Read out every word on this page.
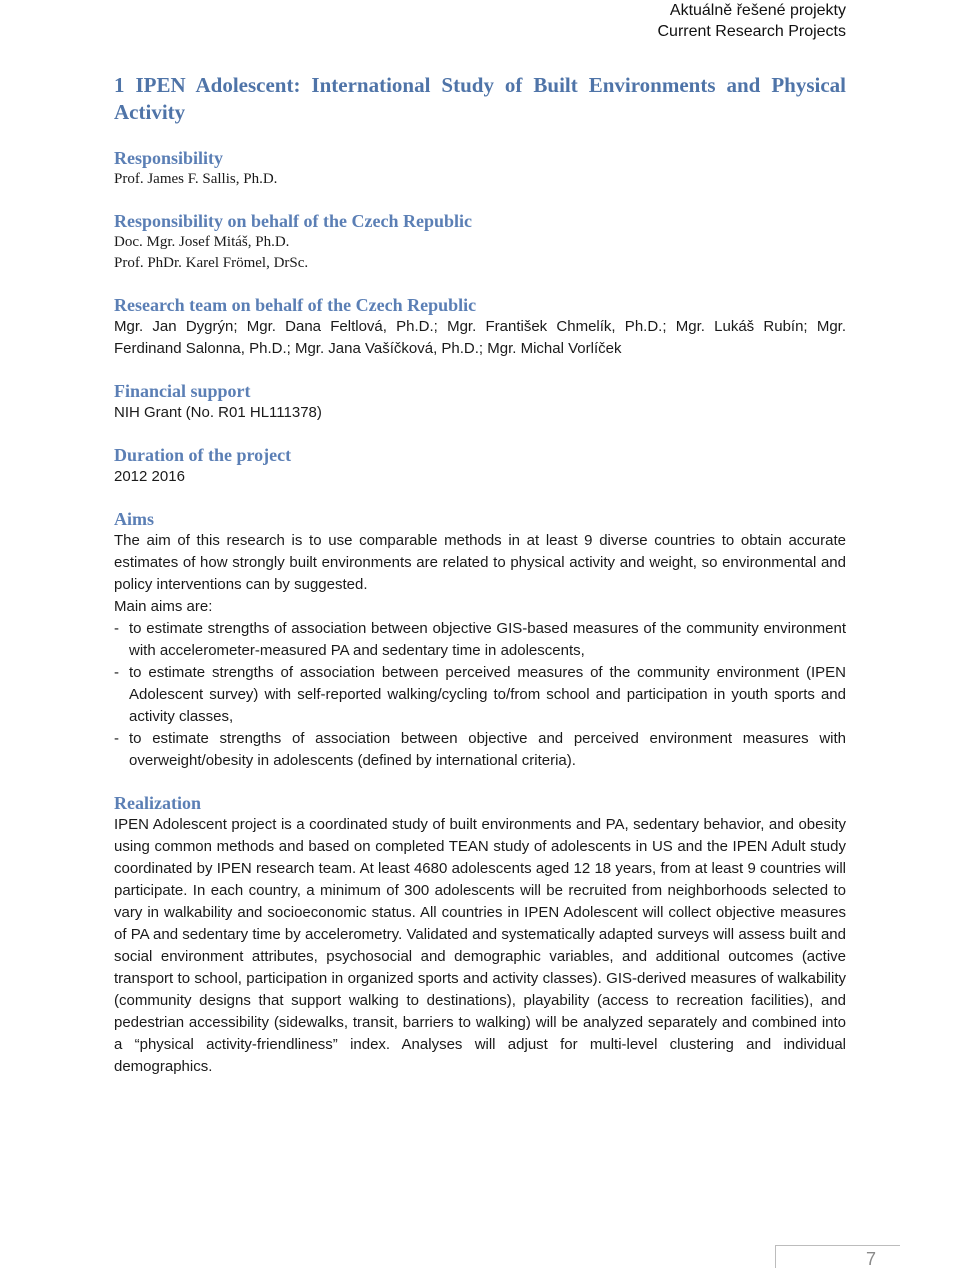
Aktuálně řešené projekty
Current Research Projects
1 IPEN Adolescent: International Study of Built Environments and Physical Activity
Responsibility
Prof. James F. Sallis, Ph.D.
Responsibility on behalf of the Czech Republic
Doc. Mgr. Josef Mitáš, Ph.D.
Prof. PhDr. Karel Frömel, DrSc.
Research team on behalf of the Czech Republic
Mgr. Jan Dygrýn; Mgr. Dana Feltlová, Ph.D.; Mgr. František Chmelík, Ph.D.; Mgr. Lukáš Rubín; Mgr. Ferdinand Salonna, Ph.D.; Mgr. Jana Vašíčková, Ph.D.; Mgr. Michal Vorlíček
Financial support
NIH Grant (No. R01 HL111378)
Duration of the project
2012 2016
Aims
The aim of this research is to use comparable methods in at least 9 diverse countries to obtain accurate estimates of how strongly built environments are related to physical activity and weight, so environmental and policy interventions can by suggested.
Main aims are:
- to estimate strengths of association between objective GIS-based measures of the community environment with accelerometer-measured PA and sedentary time in adolescents,
- to estimate strengths of association between perceived measures of the community environment (IPEN Adolescent survey) with self-reported walking/cycling to/from school and participation in youth sports and activity classes,
- to estimate strengths of association between objective and perceived environment measures with overweight/obesity in adolescents (defined by international criteria).
Realization
IPEN Adolescent project is a coordinated study of built environments and PA, sedentary behavior, and obesity using common methods and based on completed TEAN study of adolescents in US and the IPEN Adult study coordinated by IPEN research team. At least 4680 adolescents aged 12 18 years, from at least 9 countries will participate. In each country, a minimum of 300 adolescents will be recruited from neighborhoods selected to vary in walkability and socioeconomic status. All countries in IPEN Adolescent will collect objective measures of PA and sedentary time by accelerometry. Validated and systematically adapted surveys will assess built and social environment attributes, psychosocial and demographic variables, and additional outcomes (active transport to school, participation in organized sports and activity classes). GIS-derived measures of walkability (community designs that support walking to destinations), playability (access to recreation facilities), and pedestrian accessibility (sidewalks, transit, barriers to walking) will be analyzed separately and combined into a “physical activity-friendliness” index. Analyses will adjust for multi-level clustering and individual demographics.
7
